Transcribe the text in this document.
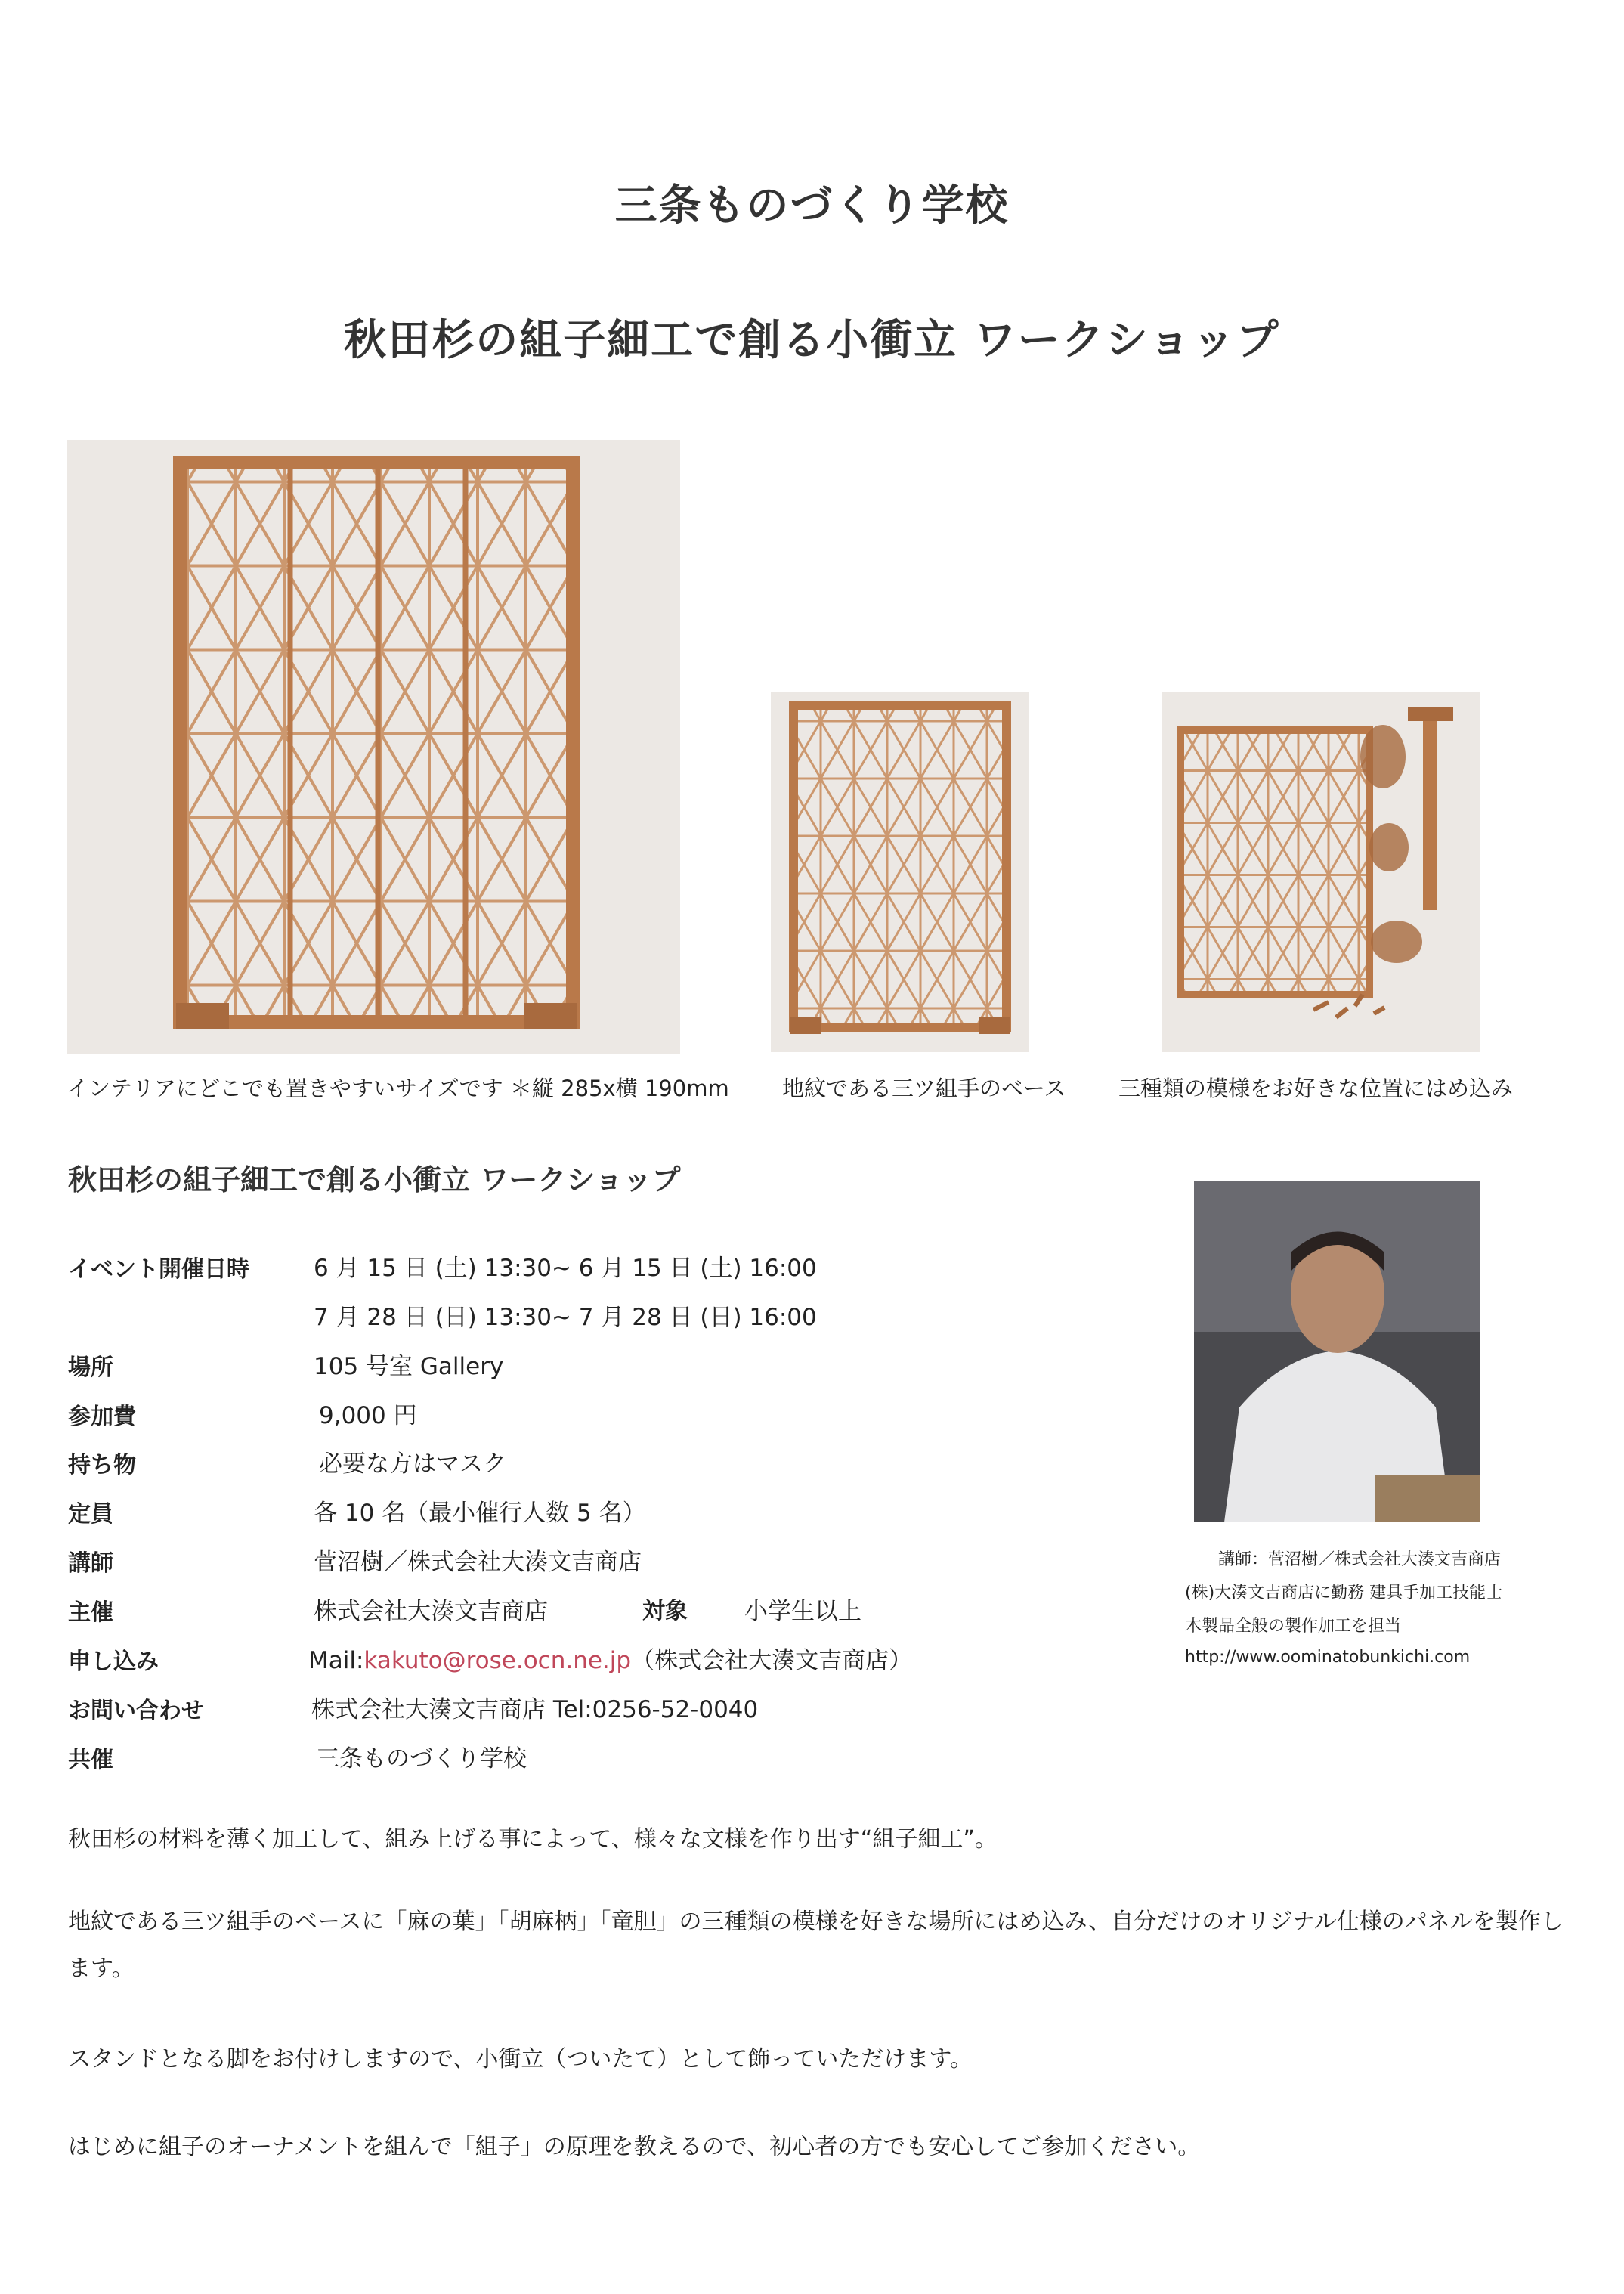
三条ものづくり学校
秋田杉の組子細工で創る小衝立 ワークショップ
インテリアにどこでも置きやすいサイズです ＊縦 285x横 190mm 地紋である三ツ組手のベース 三種類の模様をお好きな位置にはめ込み
秋田杉の組子細工で創る小衝立 ワークショップ
イベント開催日時	6 月 15 日 (土) 13:30~ 6 月 15 日 (土) 16:00
7 月 28 日 (日) 13:30~ 7 月 28 日 (日) 16:00
場所	105 号室 Gallery
参加費	9,000 円
持ち物	必要な方はマスク
定員	各 10 名（最小催行人数 5 名）
講師	菅沼樹／株式会社大湊文吉商店
主催	株式会社大湊文吉商店	対象 小学生以上
申し込み	Mail:kakuto@rose.ocn.ne.jp（株式会社大湊文吉商店）
お問い合わせ	株式会社大湊文吉商店 Tel:0256-52-0040
共催	三条ものづくり学校
講師：菅沼樹／株式会社大湊文吉商店
(株)大湊文吉商店に勤務 建具手加工技能士
木製品全般の製作加工を担当
http://www.oominatobunkichi.com
秋田杉の材料を薄く加工して、組み上げる事によって、様々な文様を作り出す“組子細工”。
地紋である三ツ組手のベースに「麻の葉」「胡麻柄」「竜胆」の三種類の模様を好きな場所にはめ込み、自分だけのオリジナル仕様のパネルを製作します。
スタンドとなる脚をお付けしますので、小衝立（ついたて）として飾っていただけます。
はじめに組子のオーナメントを組んで「組子」の原理を教えるので、初心者の方でも安心してご参加ください。
